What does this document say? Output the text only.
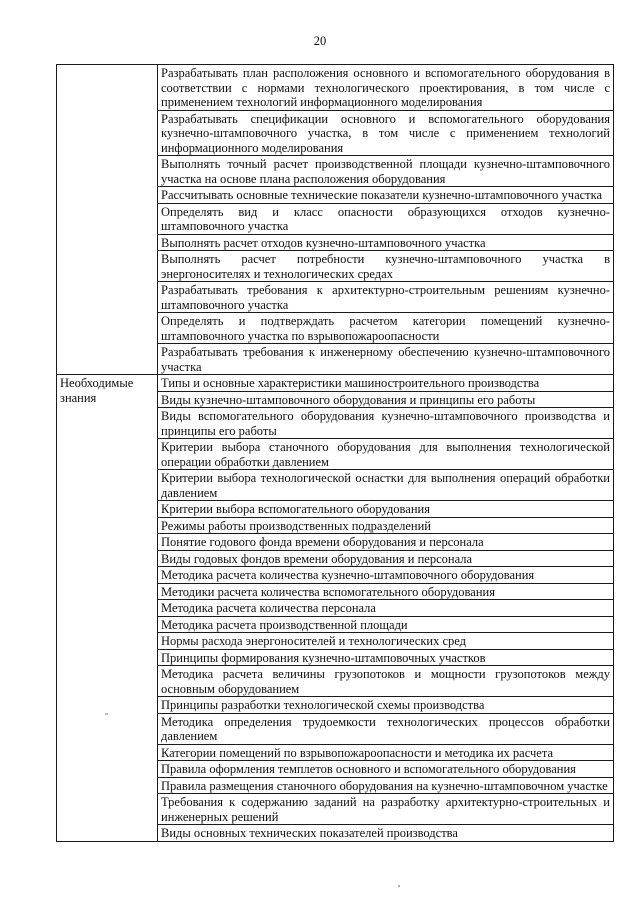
20
	Разрабатывать план расположения основного и вспомогательного оборудования в соответствии с нормами технологического проектирования, в том числе с применением технологий информационного моделирования
	Разрабатывать спецификации основного и вспомогательного оборудования кузнечно-штамповочного участка, в том числе с применением технологий информационного моделирования
	Выполнять точный расчет производственной площади кузнечно-штамповочного участка на основе плана расположения оборудования
	Рассчитывать основные технические показатели кузнечно-штамповочного участка
	Определять вид и класс опасности образующихся отходов кузнечно-штамповочного участка
	Выполнять расчет отходов кузнечно-штамповочного участка
	Выполнять расчет потребности кузнечно-штамповочного участка в энергоносителях и технологических средах
	Разрабатывать требования к архитектурно-строительным решениям кузнечно-штамповочного участка
	Определять и подтверждать расчетом категории помещений кузнечно-штамповочного участка по взрывопожароопасности
	Разрабатывать требования к инженерному обеспечению кузнечно-штамповочного участка
Необходимые знания	Типы и основные характеристики машиностроительного производства
	Виды кузнечно-штамповочного оборудования и принципы его работы
	Виды вспомогательного оборудования кузнечно-штамповочного производства и принципы его работы
	Критерии выбора станочного оборудования для выполнения технологической операции обработки давлением
	Критерии выбора технологической оснастки для выполнения операций обработки давлением
	Критерии выбора вспомогательного оборудования
	Режимы работы производственных подразделений
	Понятие годового фонда времени оборудования и персонала
	Виды годовых фондов времени оборудования и персонала
	Методика расчета количества кузнечно-штамповочного оборудования
	Методики расчета количества вспомогательного оборудования
	Методика расчета количества персонала
	Методика расчета производственной площади
	Нормы расхода энергоносителей и технологических сред
	Принципы формирования кузнечно-штамповочных участков
	Методика расчета величины грузопотоков и мощности грузопотоков между основным оборудованием
	Принципы разработки технологической схемы производства
	Методика определения трудоемкости технологических процессов обработки давлением
	Категории помещений по взрывопожароопасности и методика их расчета
	Правила оформления темплетов основного и вспомогательного оборудования
	Правила размещения станочного оборудования на кузнечно-штамповочном участке
	Требования к содержанию заданий на разработку архитектурно-строительных и инженерных решений
	Виды основных технических показателей производства
